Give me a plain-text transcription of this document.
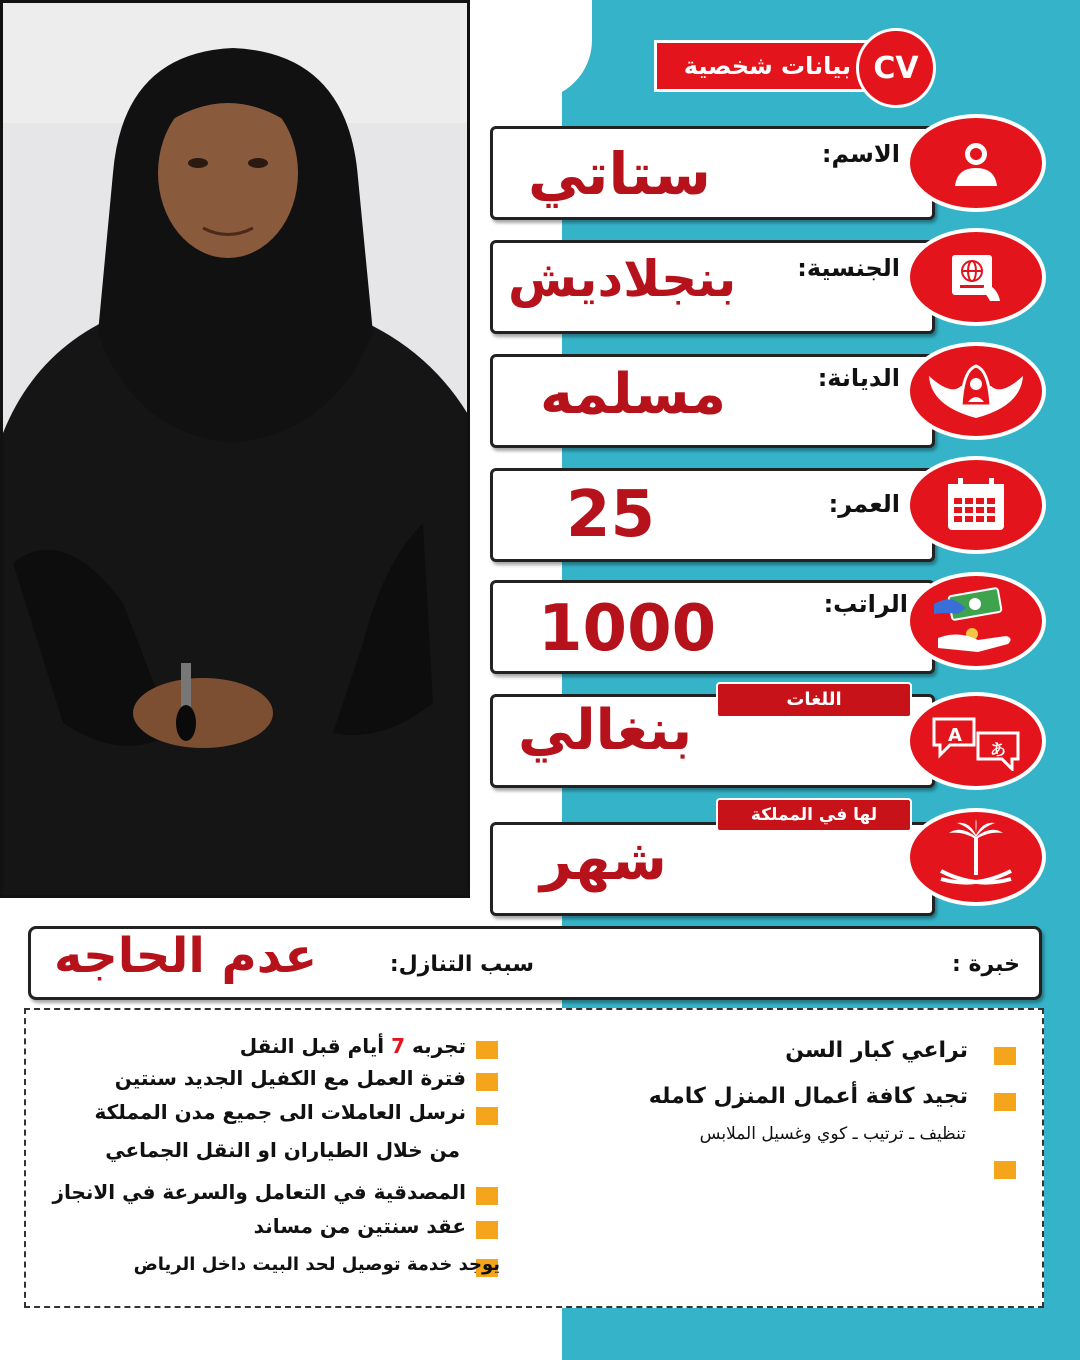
بيانات شخصية CV
الاسم:
ستاتي
الجنسية:
بنجلاديش
الديانة:
مسلمه
العمر:
25
الراتب:
1000
اللغات
بنغالي	A
あ
لها في المملكة
شهر
خبرة :
سبب التنازل:
عدم الحاجه
تجربه 7 أيام قبل النقل
فترة العمل مع الكفيل الجديد سنتين
نرسل العاملات الى جميع مدن المملكة
من خلال الطياران او النقل الجماعي
المصدقية في التعامل والسرعة في الانجاز
عقد سنتين من مساند
يوجد خدمة توصيل لحد البيت داخل الرياض
تراعي كبار السن
تجيد كافة أعمال المنزل كامله
تنظيف ـ ترتيب ـ كوي وغسيل الملابس
